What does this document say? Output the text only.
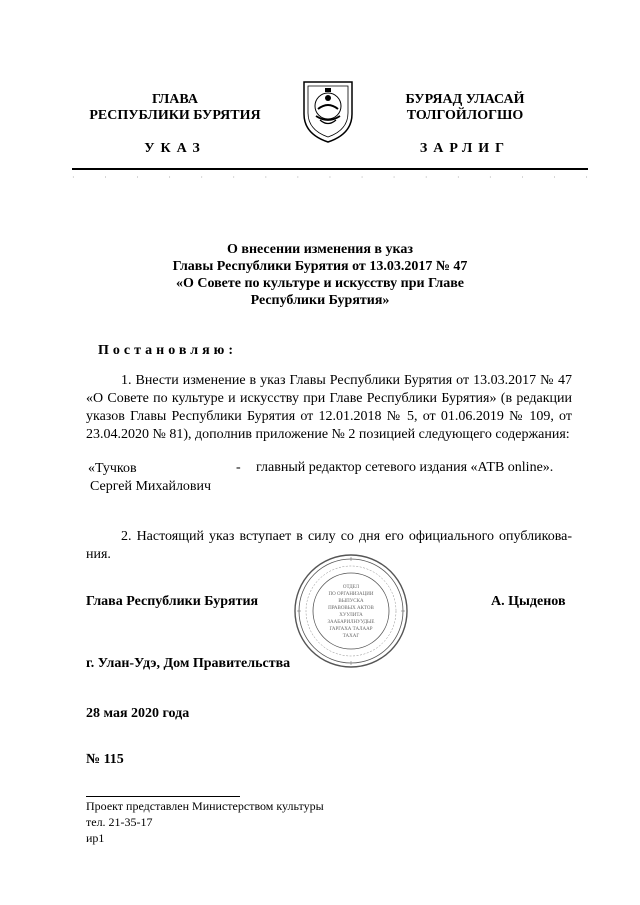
ГЛАВА
РЕСПУБЛИКИ БУРЯТИЯ
БУРЯАД УЛАСАЙ
ТОЛГОЙЛОГШО
УКАЗ	ЗАРЛИГ
·	·	·	·	·	·	·	·	·	·	·	·	·	·	·	·	·
О внесении изменения в указ
Главы Республики Бурятия от 13.03.2017 № 47
«О Совете по культуре и искусству при Главе
Республики Бурятия»
Постановляю:
1. Внести изменение в указ Главы Республики Бурятия от 13.03.2017 № 47
«О Совете по культуре и искусству при Главе Республики Бурятия» (в редакции
указов Главы Республики Бурятия от 12.01.2018 № 5, от 01.06.2019 № 109, от
23.04.2020 № 81), дополнив приложение № 2 позицией следующего содержания:
«Тучков
Сергей Михайлович
- главный редактор сетевого издания «АТВ online».
2. Настоящий указ вступает в силу со дня его официального опубликова-
ния.
Глава Республики Бурятия
ОТДЕЛ
ПО ОРГАНИЗАЦИИ
ВЫПУСКА
ПРАВОВЫХ АКТОВ
ХУУЛИТА
ЗААБАРИЛНУУДЫЕ
ГАРГАХА ТАЛААР
ТАХАГ
А. Цыденов
г. Улан-Удэ, Дом Правительства
28 мая 2020 года
№ 115
Проект представлен Министерством культуры
тел. 21-35-17
ир1
